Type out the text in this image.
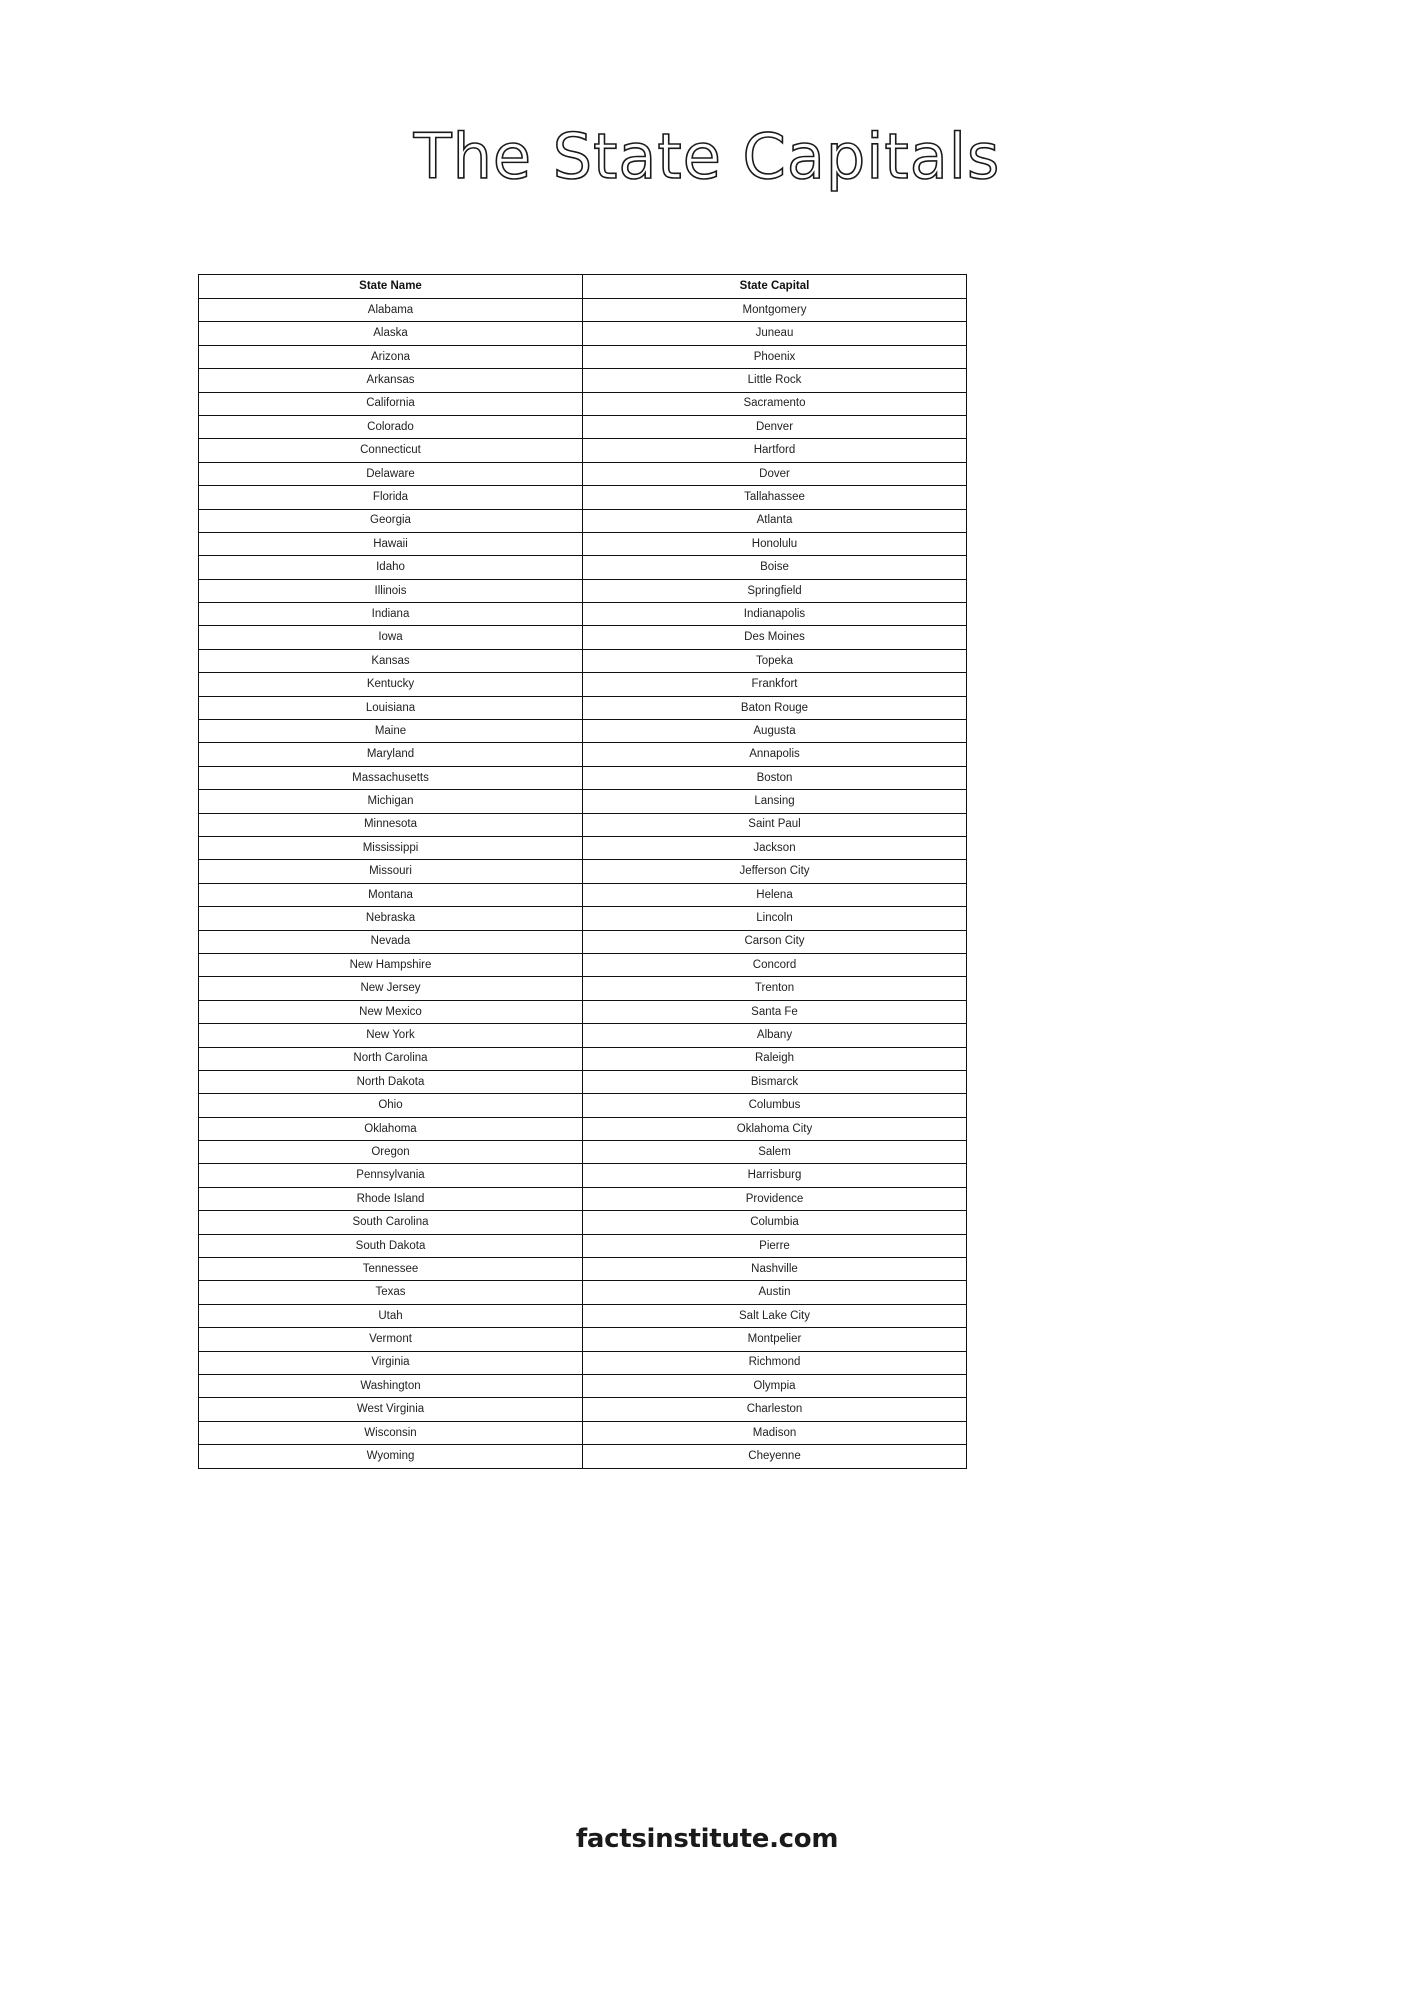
The State Capitals
State Name	State Capital
Alabama	Montgomery
Alaska	Juneau
Arizona	Phoenix
Arkansas	Little Rock
California	Sacramento
Colorado	Denver
Connecticut	Hartford
Delaware	Dover
Florida	Tallahassee
Georgia	Atlanta
Hawaii	Honolulu
Idaho	Boise
Illinois	Springfield
Indiana	Indianapolis
Iowa	Des Moines
Kansas	Topeka
Kentucky	Frankfort
Louisiana	Baton Rouge
Maine	Augusta
Maryland	Annapolis
Massachusetts	Boston
Michigan	Lansing
Minnesota	Saint Paul
Mississippi	Jackson
Missouri	Jefferson City
Montana	Helena
Nebraska	Lincoln
Nevada	Carson City
New Hampshire	Concord
New Jersey	Trenton
New Mexico	Santa Fe
New York	Albany
North Carolina	Raleigh
North Dakota	Bismarck
Ohio	Columbus
Oklahoma	Oklahoma City
Oregon	Salem
Pennsylvania	Harrisburg
Rhode Island	Providence
South Carolina	Columbia
South Dakota	Pierre
Tennessee	Nashville
Texas	Austin
Utah	Salt Lake City
Vermont	Montpelier
Virginia	Richmond
Washington	Olympia
West Virginia	Charleston
Wisconsin	Madison
Wyoming	Cheyenne
factsinstitute.com
